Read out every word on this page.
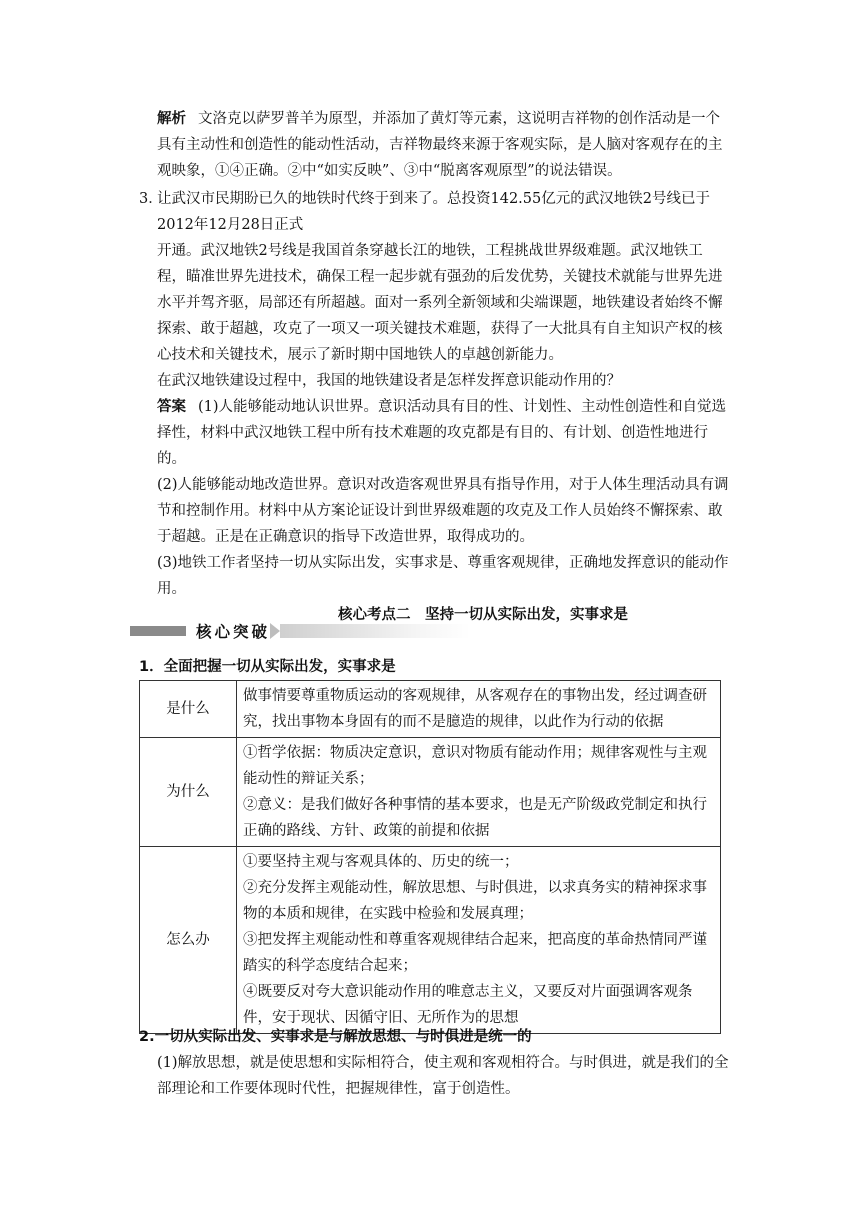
解析 文洛克以萨罗普羊为原型，并添加了黄灯等元素，这说明吉祥物的创作活动是一个具有主动性和创造性的能动性活动，吉祥物最终来源于客观实际，是人脑对客观存在的主观映象，①④正确。②中“如实反映”、③中“脱离客观原型”的说法错误。

3．

让武汉市民期盼已久的地铁时代终于到来了。总投资142.55亿元的武汉地铁2号线已于2012年12月28日正式

开通。武汉地铁2号线是我国首条穿越长江的地铁，工程挑战世界级难题。武汉地铁工程，瞄准世界先进技术，确保工程一起步就有强劲的后发优势，关键技术就能与世界先进水平并驾齐驱，局部还有所超越。面对一系列全新领域和尖端课题，地铁建设者始终不懈探索、敢于超越，攻克了一项又一项关键技术难题，获得了一大批具有自主知识产权的核心技术和关键技术，展示了新时期中国地铁人的卓越创新能力。

在武汉地铁建设过程中，我国的地铁建设者是怎样发挥意识能动作用的？

答案 (1)人能够能动地认识世界。意识活动具有目的性、计划性、主动性创造性和自觉选择性，材料中武汉地铁工程中所有技术难题的攻克都是有目的、有计划、创造性地进行的。

(2)人能够能动地改造世界。意识对改造客观世界具有指导作用，对于人体生理活动具有调节和控制作用。材料中从方案论证设计到世界级难题的攻克及工作人员始终不懈探索、敢于超越。正是在正确意识的指导下改造世界，取得成功的。

(3)地铁工作者坚持一切从实际出发，实事求是、尊重客观规律，正确地发挥意识的能动作用。

核心考点二　坚持一切从实际出发，实事求是
核心突破

1．全面把握一切从实际出发，实事求是

是什么	做事情要尊重物质运动的客观规律，从客观存在的事物出发，经过调查研究，找出事物本身固有的而不是臆造的规律，以此作为行动的依据

为什么	①哲学依据：物质决定意识，意识对物质有能动作用；规律客观性与主观能动性的辩证关系；
②意义：是我们做好各种事情的基本要求，也是无产阶级政党制定和执行正确的路线、方针、政策的前提和依据

怎么办	①要坚持主观与客观具体的、历史的统一；
②充分发挥主观能动性，解放思想、与时俱进，以求真务实的精神探求事物的本质和规律，在实践中检验和发展真理；
③把发挥主观能动性和尊重客观规律结合起来，把高度的革命热情同严谨踏实的科学态度结合起来；
④既要反对夸大意识能动作用的唯意志主义，又要反对片面强调客观条件，安于现状、因循守旧、无所作为的思想

2.一切从实际出发、实事求是与解放思想、与时俱进是统一的

(1)解放思想，就是使思想和实际相符合，使主观和客观相符合。与时俱进，就是我们的全部理论和工作要体现时代性，把握规律性，富于创造性。
